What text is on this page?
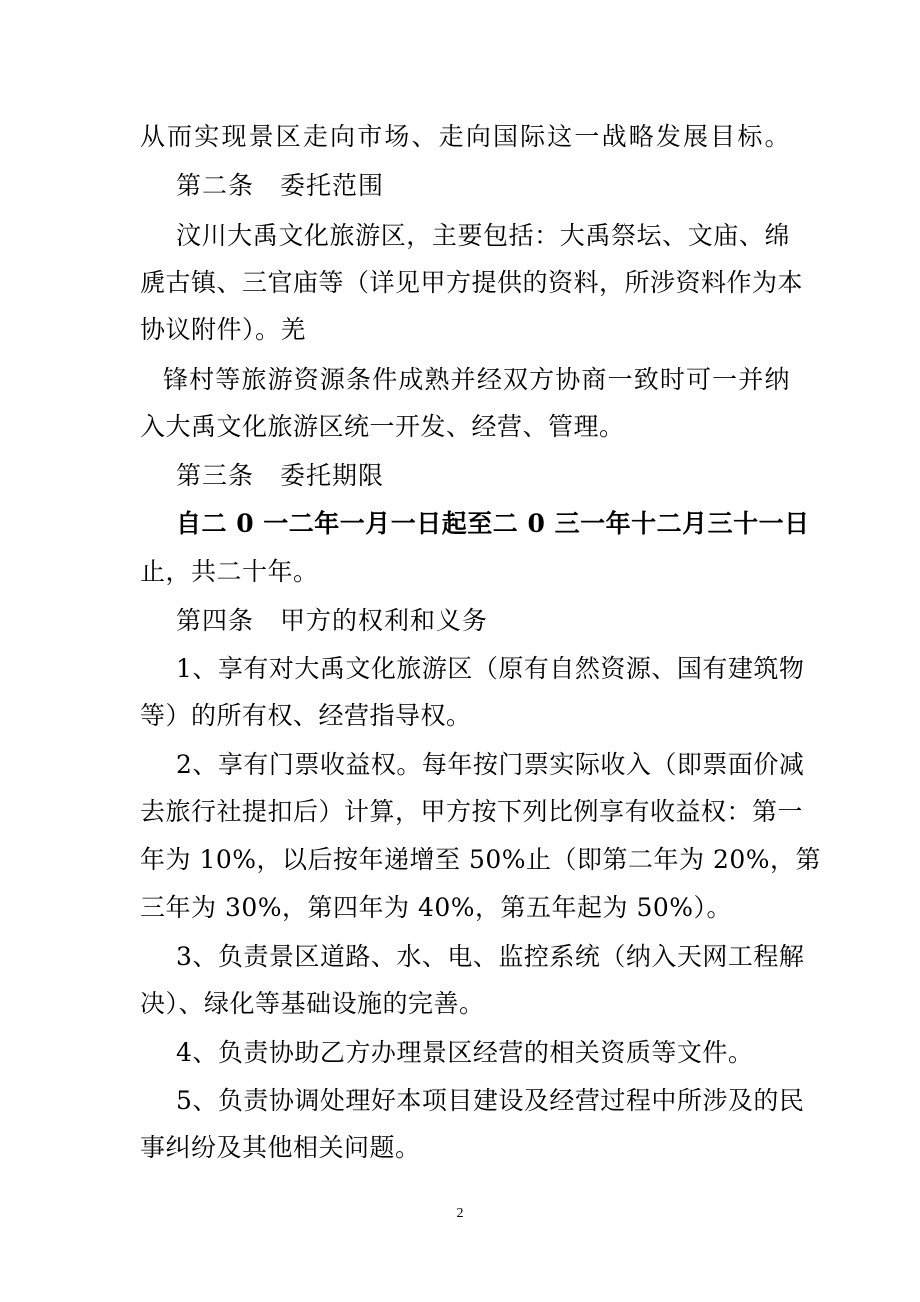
从而实现景区走向市场、走向国际这一战略发展目标。
第二条　委托范围
汶川大禹文化旅游区，主要包括：大禹祭坛、文庙、绵
虒古镇、三官庙等（详见甲方提供的资料，所涉资料作为本
协议附件）。羌
锋村等旅游资源条件成熟并经双方协商一致时可一并纳
入大禹文化旅游区统一开发、经营、管理。
第三条　委托期限
自二 0 一二年一月一日起至二 0 三一年十二月三十一日
止，共二十年。
第四条　甲方的权利和义务
1、享有对大禹文化旅游区（原有自然资源、国有建筑物
等）的所有权、经营指导权。
2、享有门票收益权。每年按门票实际收入（即票面价减
去旅行社提扣后）计算，甲方按下列比例享有收益权：第一
年为 10%，以后按年递增至 50%止（即第二年为 20%，第
三年为 30%，第四年为 40%，第五年起为 50%）。
3、负责景区道路、水、电、监控系统（纳入天网工程解
决）、绿化等基础设施的完善。
4、负责协助乙方办理景区经营的相关资质等文件。
5、负责协调处理好本项目建设及经营过程中所涉及的民
事纠纷及其他相关问题。
2
